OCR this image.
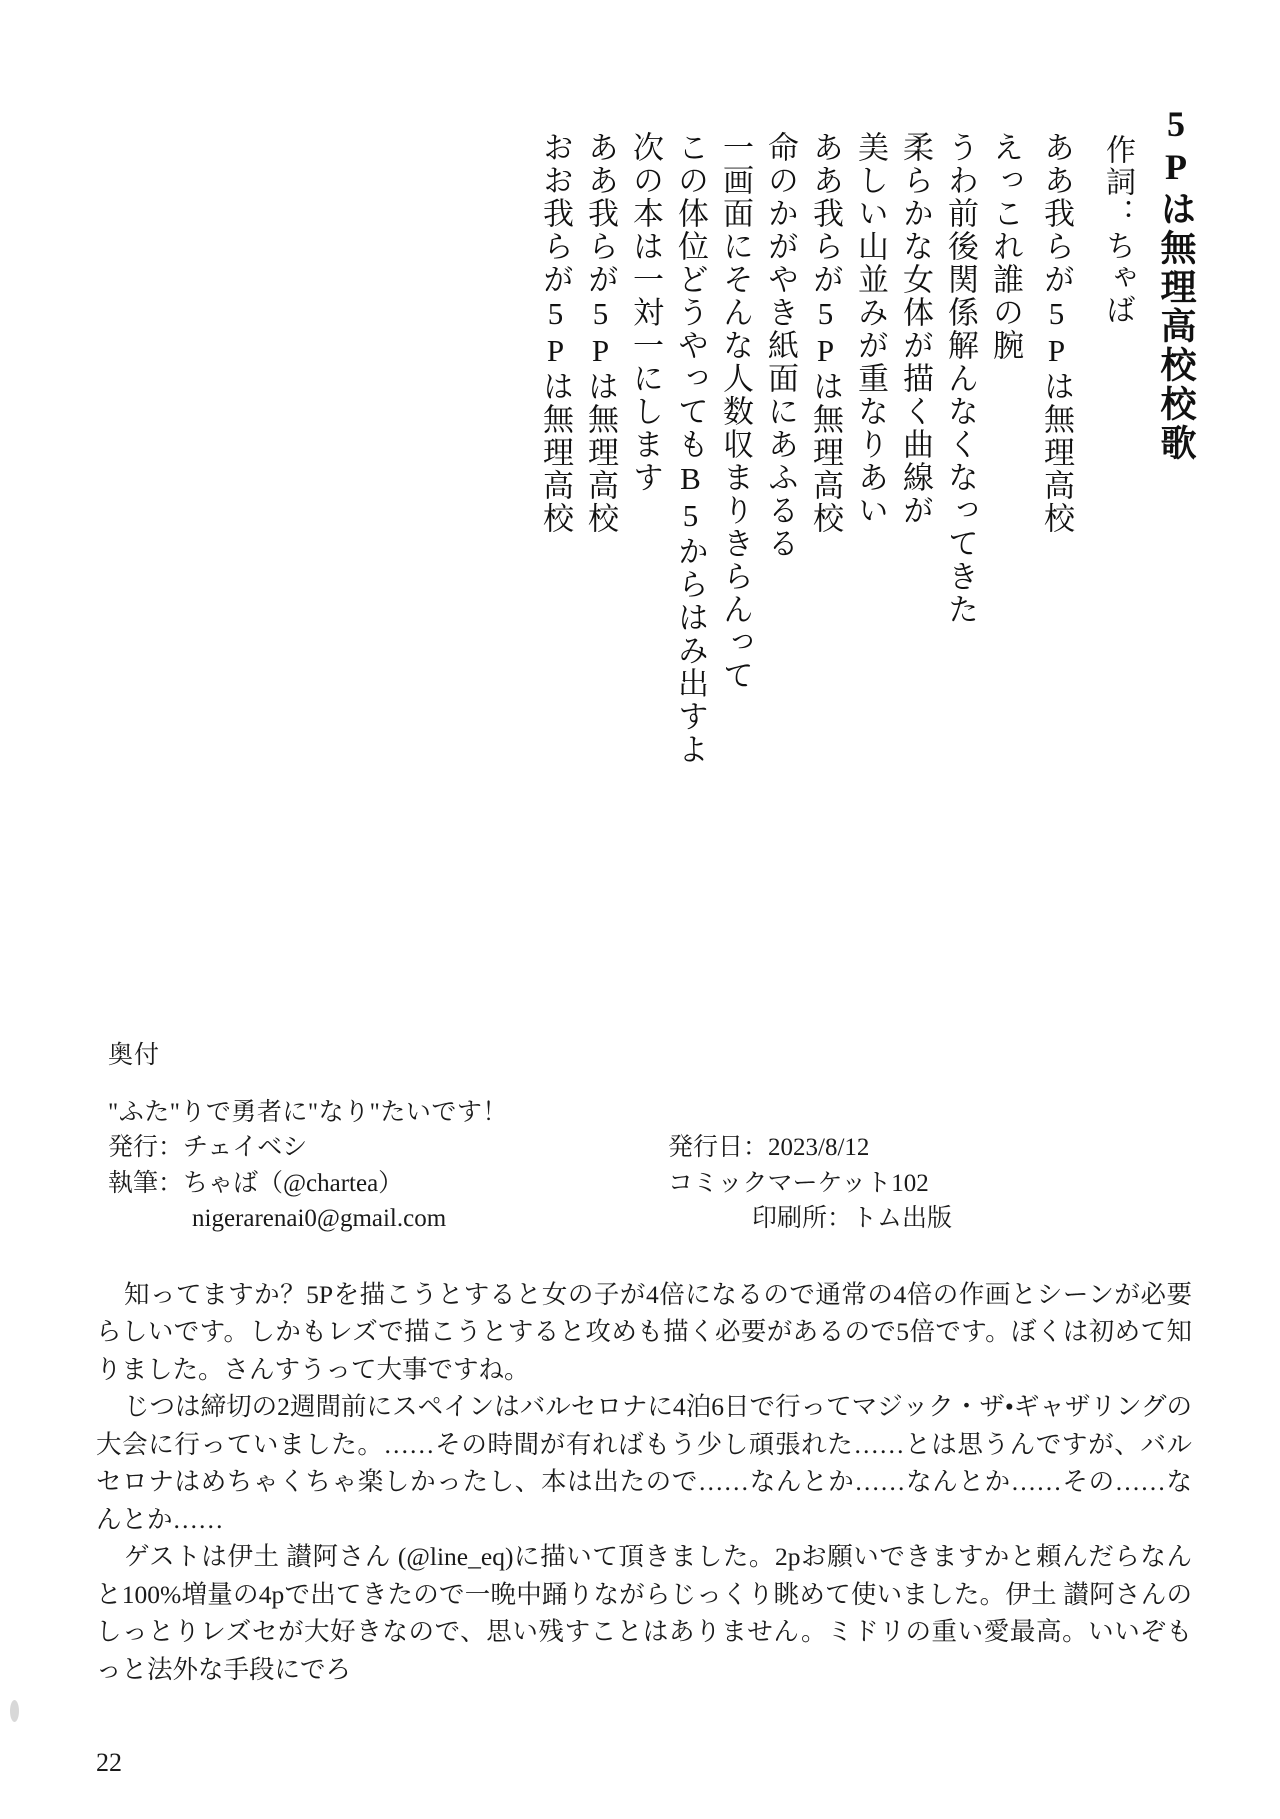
5Pは無理高校校歌
作詞：ちゃば
ああ我らが5Pは無理高校
えっこれ誰の腕
うわ前後関係解んなくなってきた
柔らかな女体が描く曲線が
美しい山並みが重なりあい
ああ我らが5Pは無理高校
命のかがやき紙面にあふるる
一画面にそんな人数収まりきらんって
この体位どうやってもB5からはみ出すよ
次の本は一対一にします
ああ我らが5Pは無理高校
おお我らが5Pは無理高校
奥付
"ふた"りで勇者に"なり"たいです！
発行：チェイベシ	発行日：2023/8/12
執筆：ちゃば（@chartea）	コミックマーケット102
nigerarenai0@gmail.com	印刷所：トム出版

知ってますか？5Pを描こうとすると女の子が4倍になるので通常の4倍の作画とシーンが必要らしいです。しかもレズで描こうとすると攻めも描く必要があるので5倍です。ぼくは初めて知りました。さんすうって大事ですね。

じつは締切の2週間前にスペインはバルセロナに4泊6日で行ってマジック・ザ•ギャザリングの大会に行っていました。……その時間が有ればもう少し頑張れた……とは思うんですが、バルセロナはめちゃくちゃ楽しかったし、本は出たので……なんとか……なんとか……その……なんとか……

ゲストは伊土 讃阿さん (@line_eq)に描いて頂きました。2pお願いできますかと頼んだらなんと100%増量の4pで出てきたので一晩中踊りながらじっくり眺めて使いました。伊土 讃阿さんのしっとりレズセが大好きなので、思い残すことはありません。ミドリの重い愛最高。いいぞもっと法外な手段にでろ

22
